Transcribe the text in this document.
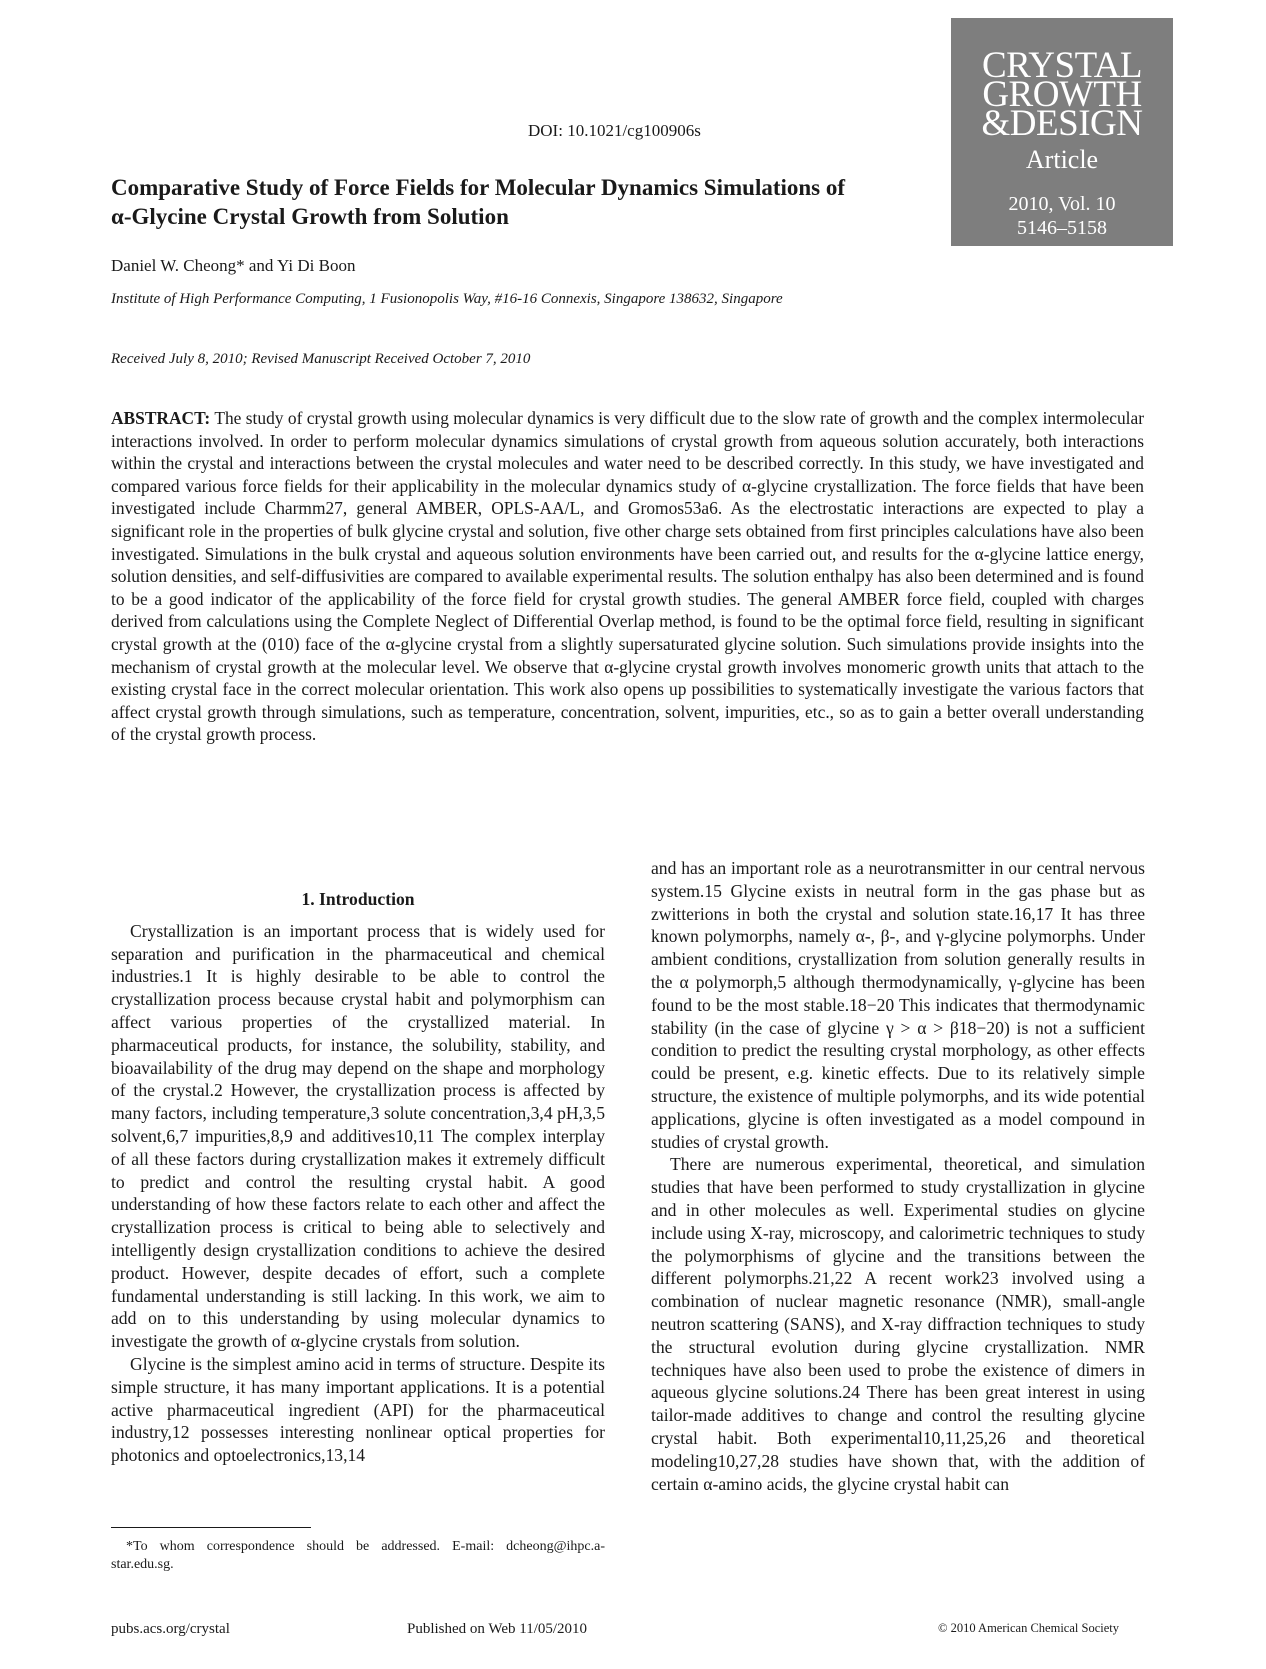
CRYSTAL
GROWTH
&DESIGN
Article
2010, Vol. 10
5146–5158
DOI: 10.1021/cg100906s
Comparative Study of Force Fields for Molecular Dynamics Simulations of α-Glycine Crystal Growth from Solution
Daniel W. Cheong* and Yi Di Boon
Institute of High Performance Computing, 1 Fusionopolis Way, #16-16 Connexis, Singapore 138632, Singapore
Received July 8, 2010; Revised Manuscript Received October 7, 2010

ABSTRACT: The study of crystal growth using molecular dynamics is very difficult due to the slow rate of growth and the complex intermolecular interactions involved. In order to perform molecular dynamics simulations of crystal growth from aqueous solution accurately, both interactions within the crystal and interactions between the crystal molecules and water need to be described correctly. In this study, we have investigated and compared various force fields for their applicability in the molecular dynamics study of α-glycine crystallization. The force fields that have been investigated include Charmm27, general AMBER, OPLS-AA/L, and Gromos53a6. As the electrostatic interactions are expected to play a significant role in the properties of bulk glycine crystal and solution, five other charge sets obtained from first principles calculations have also been investigated. Simulations in the bulk crystal and aqueous solution environments have been carried out, and results for the α-glycine lattice energy, solution densities, and self-diffusivities are compared to available experimental results. The solution enthalpy has also been determined and is found to be a good indicator of the applicability of the force field for crystal growth studies. The general AMBER force field, coupled with charges derived from calculations using the Complete Neglect of Differential Overlap method, is found to be the optimal force field, resulting in significant crystal growth at the (010) face of the α-glycine crystal from a slightly supersaturated glycine solution. Such simulations provide insights into the mechanism of crystal growth at the molecular level. We observe that α-glycine crystal growth involves monomeric growth units that attach to the existing crystal face in the correct molecular orientation. This work also opens up possibilities to systematically investigate the various factors that affect crystal growth through simulations, such as temperature, concentration, solvent, impurities, etc., so as to gain a better overall understanding of the crystal growth process.

1. Introduction

Crystallization is an important process that is widely used for separation and purification in the pharmaceutical and chemical industries.1 It is highly desirable to be able to control the crystallization process because crystal habit and polymorphism can affect various properties of the crystallized material. In pharmaceutical products, for instance, the solubility, stability, and bioavailability of the drug may depend on the shape and morphology of the crystal.2 However, the crystallization process is affected by many factors, including temperature,3 solute concentration,3,4 pH,3,5 solvent,6,7 impurities,8,9 and additives10,11 The complex interplay of all these factors during crystallization makes it extremely difficult to predict and control the resulting crystal habit. A good understanding of how these factors relate to each other and affect the crystallization process is critical to being able to selectively and intelligently design crystallization conditions to achieve the desired product. However, despite decades of effort, such a complete fundamental understanding is still lacking. In this work, we aim to add on to this understanding by using molecular dynamics to investigate the growth of α-glycine crystals from solution.

Glycine is the simplest amino acid in terms of structure. Despite its simple structure, it has many important applications. It is a potential active pharmaceutical ingredient (API) for the pharmaceutical industry,12 possesses interesting nonlinear optical properties for photonics and optoelectronics,13,14

and has an important role as a neurotransmitter in our central nervous system.15 Glycine exists in neutral form in the gas phase but as zwitterions in both the crystal and solution state.16,17 It has three known polymorphs, namely α-, β-, and γ-glycine polymorphs. Under ambient conditions, crystallization from solution generally results in the α polymorph,5 although thermodynamically, γ-glycine has been found to be the most stable.18−20 This indicates that thermodynamic stability (in the case of glycine γ > α > β18−20) is not a sufficient condition to predict the resulting crystal morphology, as other effects could be present, e.g. kinetic effects. Due to its relatively simple structure, the existence of multiple polymorphs, and its wide potential applications, glycine is often investigated as a model compound in studies of crystal growth.

There are numerous experimental, theoretical, and simulation studies that have been performed to study crystallization in glycine and in other molecules as well. Experimental studies on glycine include using X-ray, microscopy, and calorimetric techniques to study the polymorphisms of glycine and the transitions between the different polymorphs.21,22 A recent work23 involved using a combination of nuclear magnetic resonance (NMR), small-angle neutron scattering (SANS), and X-ray diffraction techniques to study the structural evolution during glycine crystallization. NMR techniques have also been used to probe the existence of dimers in aqueous glycine solutions.24 There has been great interest in using tailor-made additives to change and control the resulting glycine crystal habit. Both experimental10,11,25,26 and theoretical modeling10,27,28 studies have shown that, with the addition of certain α-amino acids, the glycine crystal habit can

*To whom correspondence should be addressed. E-mail: dcheong@ihpc.a-star.edu.sg.
pubs.acs.org/crystal	Published on Web 11/05/2010	© 2010 American Chemical Society
